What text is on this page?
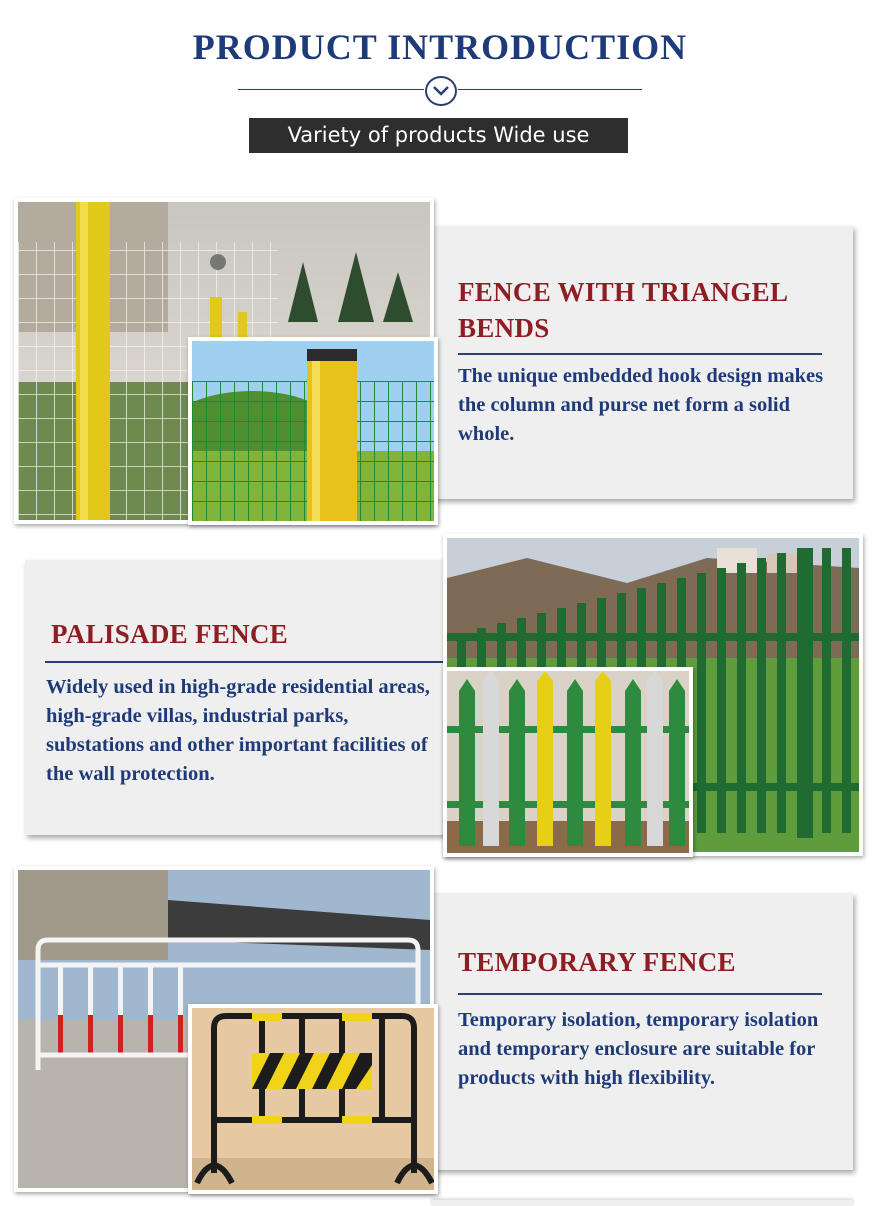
PRODUCT INTRODUCTION
Variety of products Wide use
FENCE WITH TRIANGEL BENDS
The unique embedded hook design makes the column and purse net form a solid whole.
PALISADE FENCE
Widely used in high-grade residential areas, high-grade villas, industrial parks, substations and other important facilities of the wall protection.
TEMPORARY FENCE
Temporary isolation, temporary isolation and temporary enclosure are suitable for products with high flexibility.
